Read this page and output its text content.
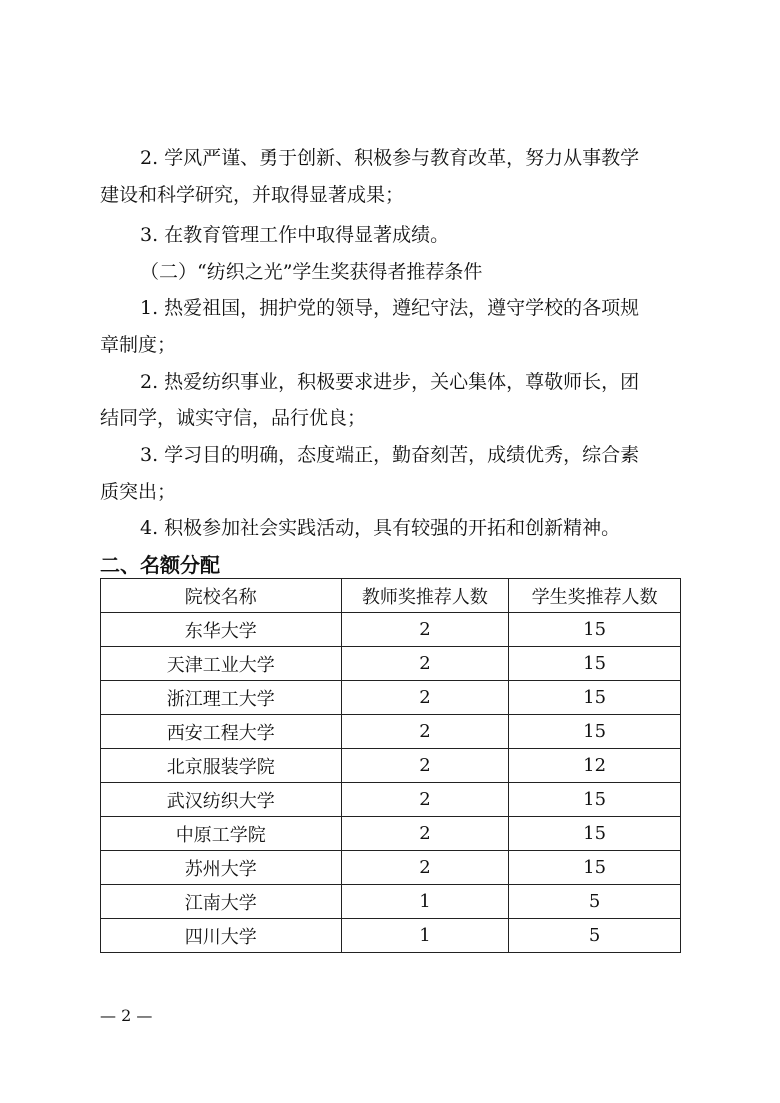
2. 学风严谨、勇于创新、积极参与教育改革，努力从事教学
建设和科学研究，并取得显著成果；
3. 在教育管理工作中取得显著成绩。
（二）“纺织之光”学生奖获得者推荐条件
1. 热爱祖国，拥护党的领导，遵纪守法，遵守学校的各项规
章制度；
2. 热爱纺织事业，积极要求进步，关心集体，尊敬师长，团
结同学，诚实守信，品行优良；
3. 学习目的明确，态度端正，勤奋刻苦，成绩优秀，综合素
质突出；
4. 积极参加社会实践活动，具有较强的开拓和创新精神。
二、名额分配
院校名称	教师奖推荐人数	学生奖推荐人数
东华大学	2	15
天津工业大学	2	15
浙江理工大学	2	15
西安工程大学	2	15
北京服装学院	2	12
武汉纺织大学	2	15
中原工学院	2	15
苏州大学	2	15
江南大学	1	5
四川大学	1	5
— 2 —
